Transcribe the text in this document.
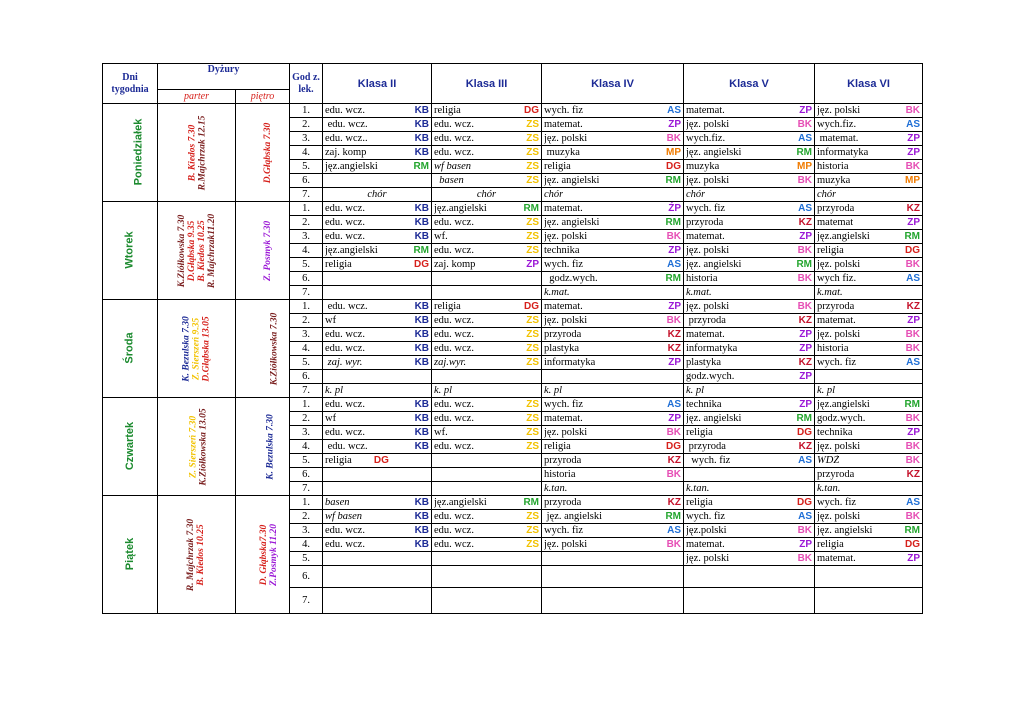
Dni tygodnia	Dyżury		God z. lek.	Klasa II	Klasa III	Klasa IV	Klasa V	Klasa VI
	parter	piętro						
Poniedziałek	B. Kiedos 7.30 R.Majchrzak 12.15	D.Głąbska 7.30	1.	edu. wcz. KB	religia DG	wych. fiz AS	matemat. ZP	jęz. polski BK

			2.	edu. wcz. KB	edu. wcz. ZS	matemat. ZP	jęz. polski BK	wych.fiz. AS

			3.	edu. wcz.. KB	edu. wcz. ZS	jęz. polski BK	wych.fiz. AS	matemat. ZP

			4.	zaj. komp KB	edu. wcz. ZS	muzyka MP	jęz. angielski RM	informatyka ZP

			5.	jęz.angielski RM	wf basen ZS	religia DG	muzyka MP	historia BK

			6.		basen ZS	jęz. angielski RM	jęz. polski BK	muzyka MP

			7.	chór	chór	chór	chór	chór

Wtorek	K.Ziółkowska 7.30 D.Głąbska 9.35 B. Kiedos 10.25 R. Majchrzak11.20	Z. Posmyk 7.30	1.	edu. wcz. KB	jęz.angielski RM	matemat. ŹP	wych. fiz AS	przyroda KZ

			2.	edu. wcz. KB	edu. wcz. ZS	jęz. angielski RM	przyroda KZ	matemat ZP

			3.	edu. wcz. KB	wf. ZS	jęz. polski BK	matemat. ZP	jęz.angielski RM

			4.	jęz.angielski RM	edu. wcz. ZS	technika ZP	jęz. polski BK	religia DG

			5.	religia DG	zaj. komp ZP	wych. fiz AS	jęz. angielski RM	jęz. polski BK

			6.			godz.wych. RM	historia BK	wych fiz. AS

			7.			k.mat.	k.mat.	k.mat.

Środa	K. Bezulska 7.30 Z. Sierszeń 9.35 D.Głąbska 13.05	K.Ziółkowska 7.30	1.	edu. wcz. KB	religia DG	matemat. ZP	jęz. polski BK	przyroda KZ

			2.	wf KB	edu. wcz. ZS	jęz. polski BK	przyroda KZ	matemat. ZP

			3.	edu. wcz. KB	edu. wcz. ZS	przyroda KZ	matemat. ZP	jęz. polski BK

			4.	edu. wcz. KB	edu. wcz. ZS	plastyka KZ	informatyka ZP	historia BK

			5.	zaj. wyr. KB	zaj.wyr. ZS	informatyka ZP	plastyka KZ	wych. fiz AS

			6.				godz.wych. ZP	

			7.	k. pl	k. pl	k. pl	k. pl	k. pl

Czwartek	Z. Sierszeń 7.30 K.Ziółkowska 13.05	K. Bezulska 7.30	1.	edu. wcz. KB	edu. wcz. ZS	wych. fiz AS	technika ZP	jęz.angielski RM

			2.	wf KB	edu. wcz. ZS	matemat. ZP	jęz. angielski RM	godz.wych. BK

			3.	edu. wcz. KB	wf. ZS	jęz. polski BK	religia DG	technika ZP

			4.	edu. wcz. KB	edu. wcz. ZS	religia DG	przyroda KZ	jęz. polski BK

			5.	religia DG		przyroda KZ	wych. fiz AS	WDŻ BK

			6.			historia BK		przyroda KZ

			7.			k.tan.	k.tan.	k.tan.

Piątek	R. Majchrzak 7.30 B. Kiedos 10.25	D. Głąbska7.30 Z.Posmyk 11.20	1.	basen KB	jęz.angielski RM	przyroda KZ	religia DG	wych. fiz AS

			2.	wf basen KB	edu. wcz. ZS	jęz. angielski RM	wych. fiz AS	jęz. polski BK

			3.	edu. wcz. KB	edu. wcz. ZS	wych. fiz AS	jęz.polski BK	jęz. angielski RM

			4.	edu. wcz. KB	edu. wcz. ZS	jęz. polski BK	matemat. ZP	religia DG

			5.				jęz. polski BK	matemat. ZP

			6.	

			7.	
